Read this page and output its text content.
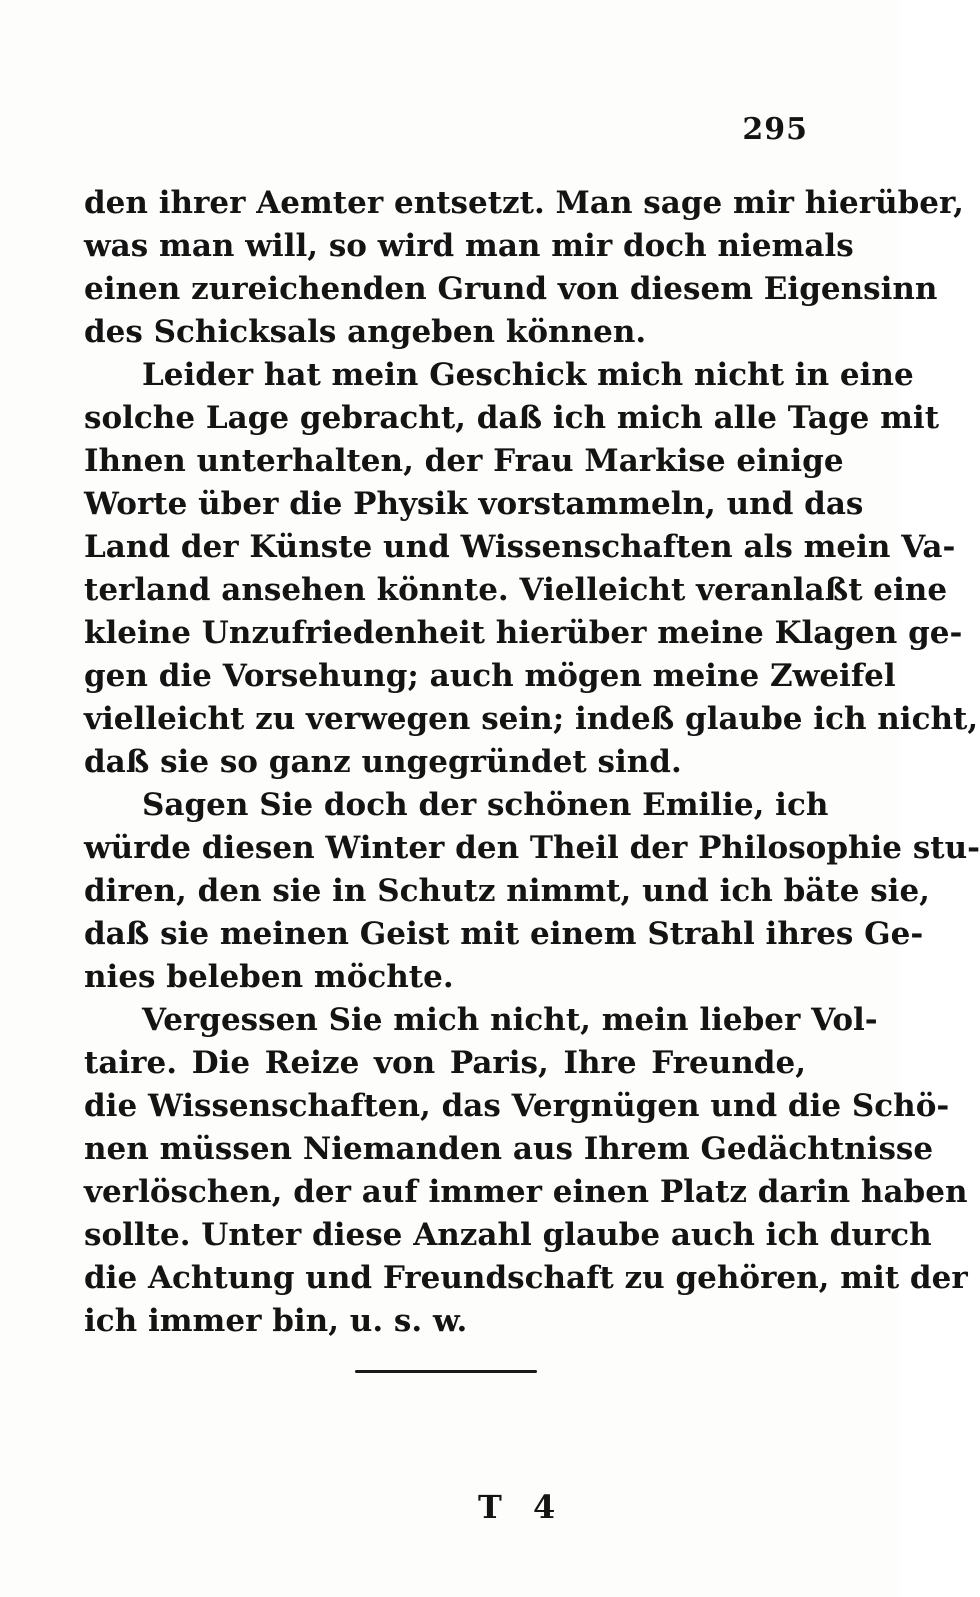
295
den ihrer Aemter entsetzt. Man sage mir hierüber,
was man will, so wird man mir doch niemals
einen zureichenden Grund von diesem Eigensinn
des Schicksals angeben können.
Leider hat mein Geschick mich nicht in eine
solche Lage gebracht, daß ich mich alle Tage mit
Ihnen unterhalten, der Frau Markise einige
Worte über die Physik vorstammeln, und das
Land der Künste und Wissenschaften als mein Va-
terland ansehen könnte. Vielleicht veranlaßt eine
kleine Unzufriedenheit hierüber meine Klagen ge-
gen die Vorsehung; auch mögen meine Zweifel
vielleicht zu verwegen sein; indeß glaube ich nicht,
daß sie so ganz ungegründet sind.
Sagen Sie doch der schönen Emilie, ich
würde diesen Winter den Theil der Philosophie stu-
diren, den sie in Schutz nimmt, und ich bäte sie,
daß sie meinen Geist mit einem Strahl ihres Ge-
nies beleben möchte.
Vergessen Sie mich nicht, mein lieber Vol-
taire. Die Reize von Paris, Ihre Freunde,
die Wissenschaften, das Vergnügen und die Schö-
nen müssen Niemanden aus Ihrem Gedächtnisse
verlöschen, der auf immer einen Platz darin haben
sollte. Unter diese Anzahl glaube auch ich durch
die Achtung und Freundschaft zu gehören, mit der
ich immer bin, u. s. w.
T 4
